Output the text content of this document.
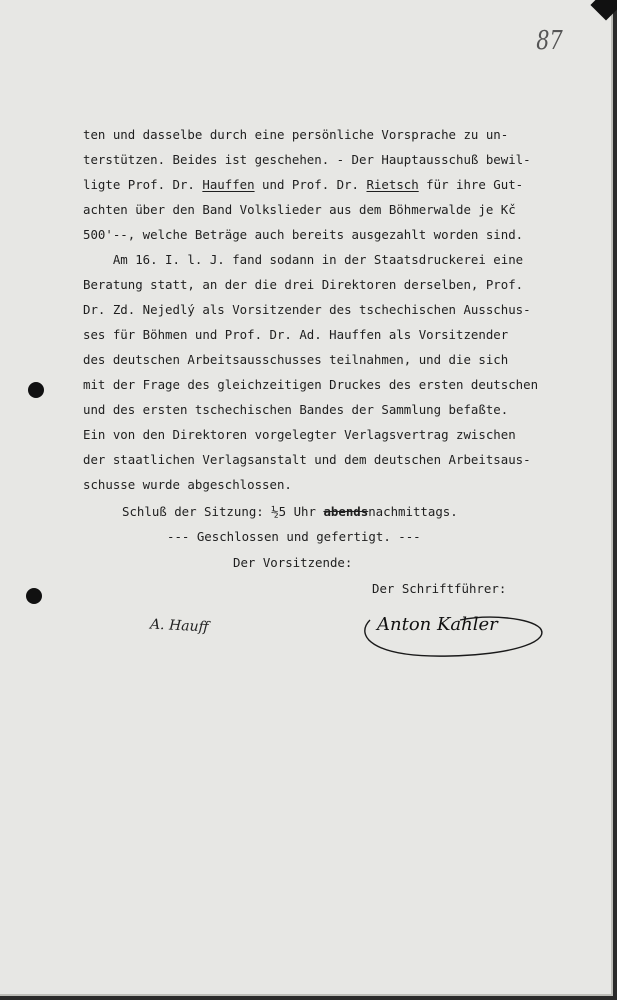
87
ten und dasselbe durch eine persönliche Vorsprache zu un-
terstützen. Beides ist geschehen. - Der Hauptausschuß bewil-
ligte Prof. Dr. Hauffen und Prof. Dr. Rietsch für ihre Gut-
achten über den Band Volkslieder aus dem Böhmerwalde je Kč
500'--, welche Beträge auch bereits ausgezahlt worden sind.
Am 16. I. l. J. fand sodann in der Staatsdruckerei eine
Beratung statt, an der die drei Direktoren derselben, Prof.
Dr. Zd. Nejedlý als Vorsitzender des tschechischen Ausschus-
ses für Böhmen und Prof. Dr. Ad. Hauffen als Vorsitzender
des deutschen Arbeitsausschusses teilnahmen, und die sich
mit der Frage des gleichzeitigen Druckes des ersten deutschen
und des ersten tschechischen Bandes der Sammlung befaßte.
Ein von den Direktoren vorgelegter Verlagsvertrag zwischen
der staatlichen Verlagsanstalt und dem deutschen Arbeitsaus-
schusse wurde abgeschlossen.
Schluß der Sitzung: ½5 Uhr abendsnachmittags.
--- Geschlossen und gefertigt. ---
Der Vorsitzende:
Der Schriftführer:
A. Hauff	Anton Kahler
